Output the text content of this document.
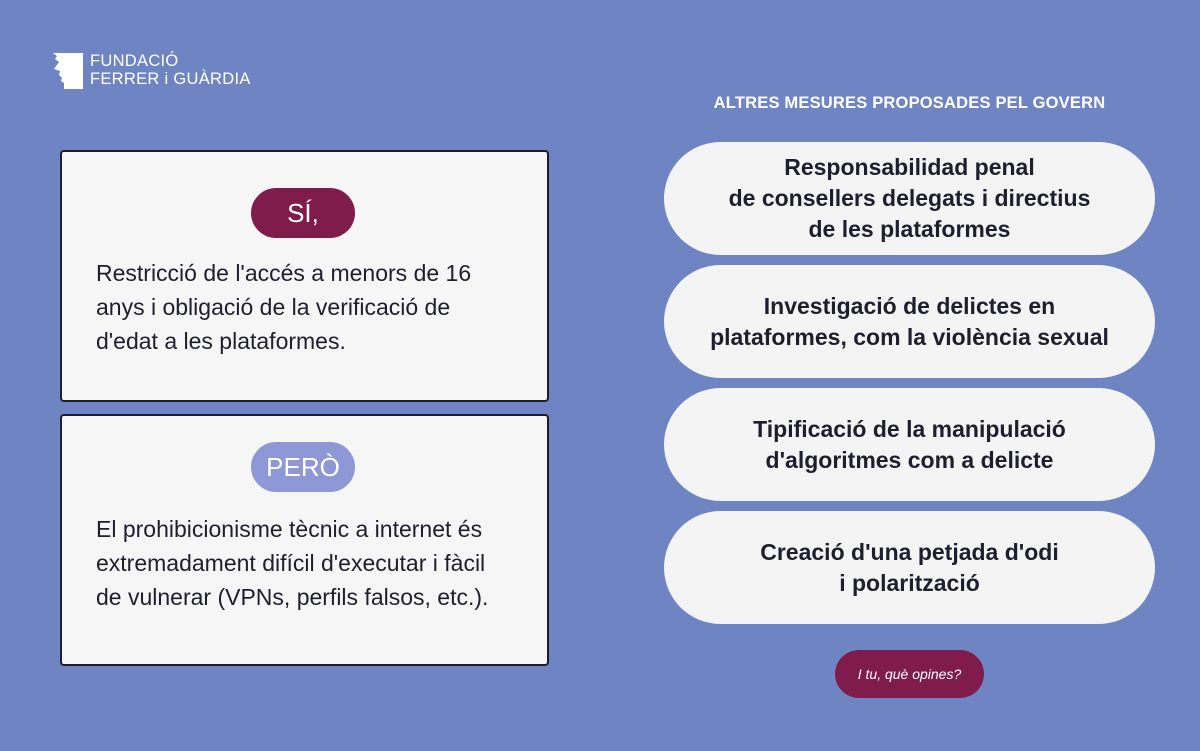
FUNDACIÓ
FERRER i GUÀRDIA
SÍ,
Restricció de l'accés a menors de 16 anys i obligació de la verificació de d'edat a les plataformes.
PERÒ
El prohibicionisme tècnic a internet és extremadament difícil d'executar i fàcil de vulnerar (VPNs, perfils falsos, etc.).
ALTRES MESURES PROPOSADES PEL GOVERN
Responsabilidad penal
de consellers delegats i directius
de les plataformes
Investigació de delictes en
plataformes, com la violència sexual
Tipificació de la manipulació
d'algoritmes com a delicte
Creació d'una petjada d'odi
i polarització
I tu, què opines?
